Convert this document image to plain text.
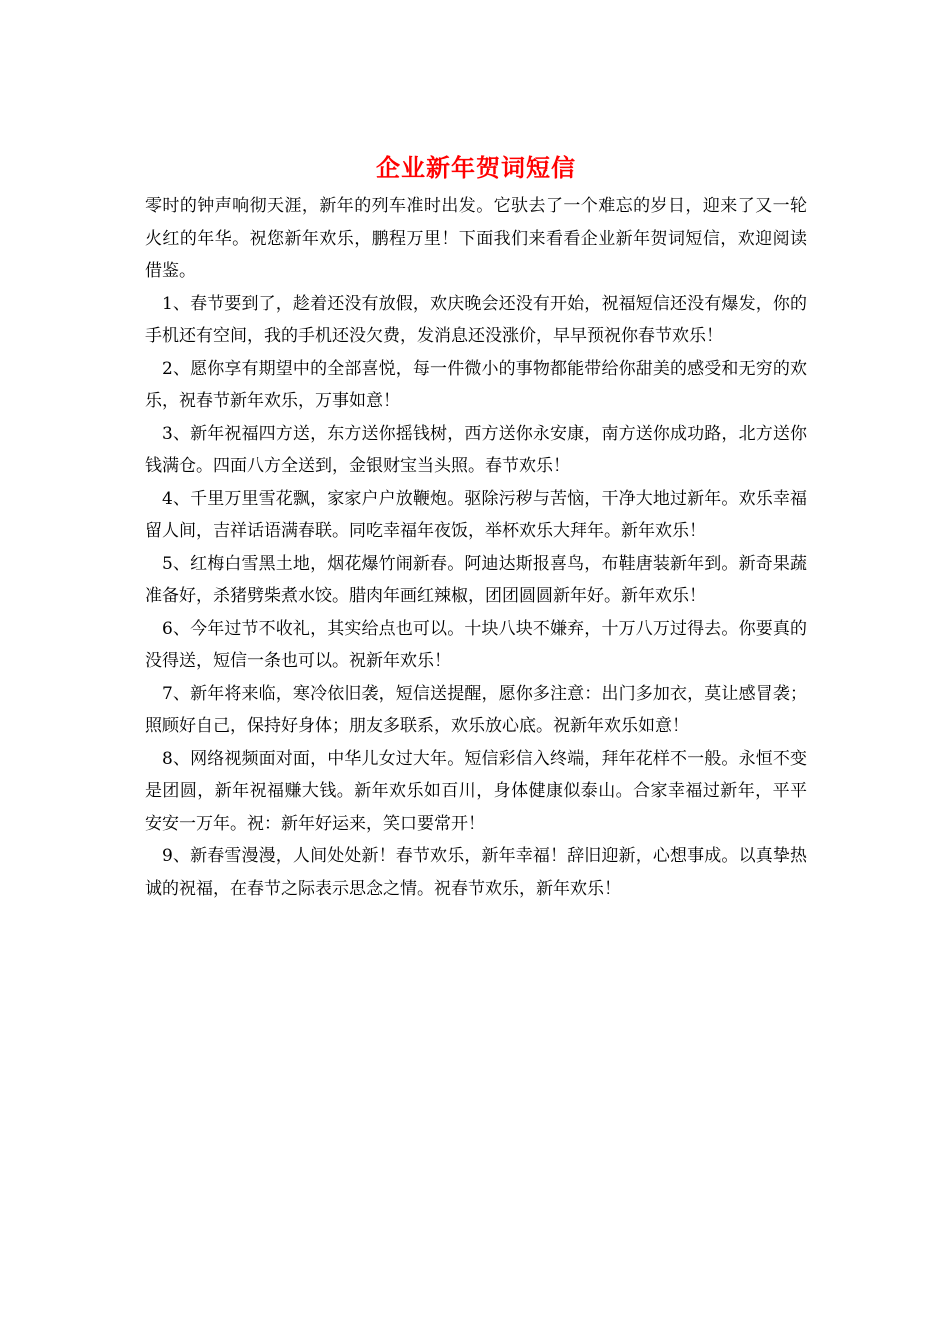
企业新年贺词短信

零时的钟声响彻天涯，新年的列车准时出发。它驮去了一个难忘的岁日，迎来了又一轮火红的年华。祝您新年欢乐，鹏程万里！下面我们来看看企业新年贺词短信，欢迎阅读借鉴。

1、春节要到了，趁着还没有放假，欢庆晚会还没有开始，祝福短信还没有爆发，你的手机还有空间，我的手机还没欠费，发消息还没涨价，早早预祝你春节欢乐！

2、愿你享有期望中的全部喜悦，每一件微小的事物都能带给你甜美的感受和无穷的欢乐，祝春节新年欢乐，万事如意！

3、新年祝福四方送，东方送你摇钱树，西方送你永安康，南方送你成功路，北方送你钱满仓。四面八方全送到，金银财宝当头照。春节欢乐！

4、千里万里雪花飘，家家户户放鞭炮。驱除污秽与苦恼，干净大地过新年。欢乐幸福留人间，吉祥话语满春联。同吃幸福年夜饭，举杯欢乐大拜年。新年欢乐！

5、红梅白雪黑土地，烟花爆竹闹新春。阿迪达斯报喜鸟，布鞋唐装新年到。新奇果蔬准备好，杀猪劈柴煮水饺。腊肉年画红辣椒，团团圆圆新年好。新年欢乐！

6、今年过节不收礼，其实给点也可以。十块八块不嫌弃，十万八万过得去。你要真的没得送，短信一条也可以。祝新年欢乐！

7、新年将来临，寒冷依旧袭，短信送提醒，愿你多注意：出门多加衣，莫让感冒袭；照顾好自己，保持好身体；朋友多联系，欢乐放心底。祝新年欢乐如意！

8、网络视频面对面，中华儿女过大年。短信彩信入终端，拜年花样不一般。永恒不变是团圆，新年祝福赚大钱。新年欢乐如百川，身体健康似泰山。合家幸福过新年，平平安安一万年。祝：新年好运来，笑口要常开！

9、新春雪漫漫，人间处处新！春节欢乐，新年幸福！辞旧迎新，心想事成。以真挚热诚的祝福，在春节之际表示思念之情。祝春节欢乐，新年欢乐！
